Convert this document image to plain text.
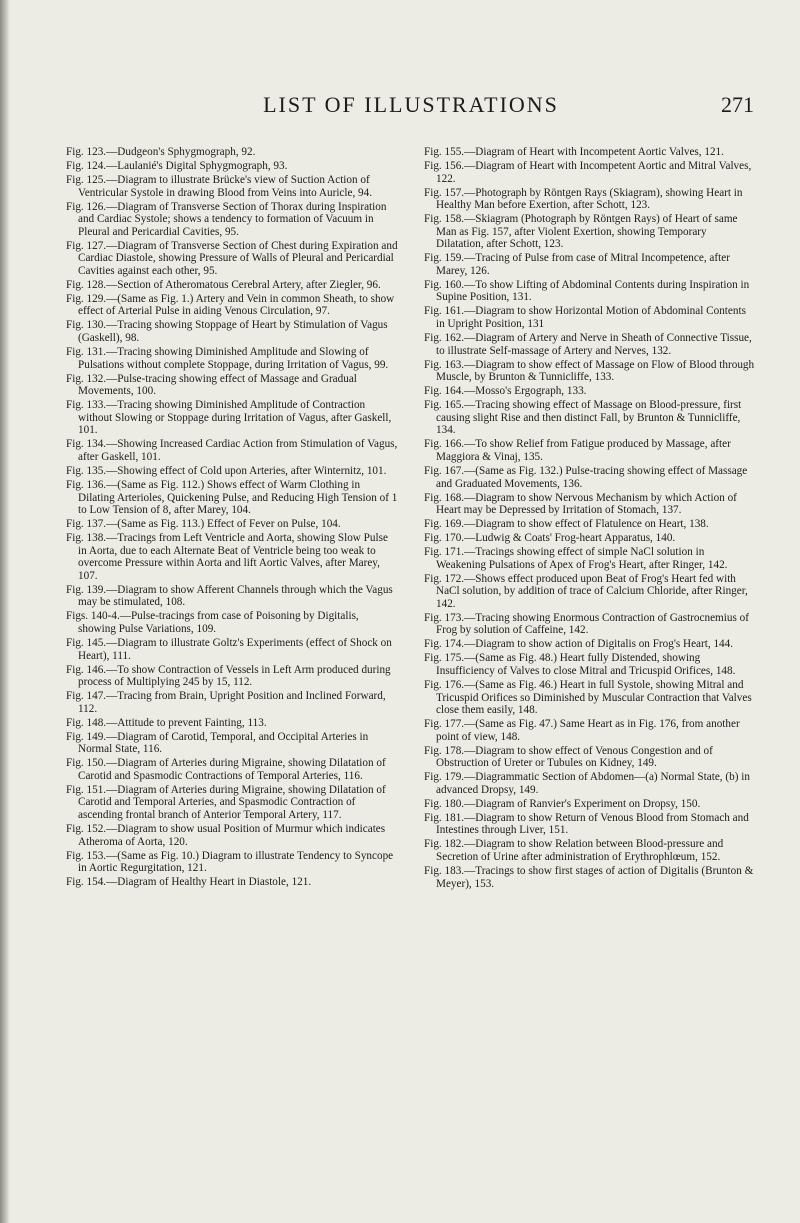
LIST OF ILLUSTRATIONS	271

Fig. 123.—Dudgeon's Sphygmograph, 92.

Fig. 124.—Laulanié's Digital Sphygmograph, 93.

Fig. 125.—Diagram to illustrate Brücke's view of Suction Action of Ventricular Systole in drawing Blood from Veins into Auricle, 94.

Fig. 126.—Diagram of Transverse Section of Thorax during Inspiration and Cardiac Systole; shows a tendency to formation of Vacuum in Pleural and Pericardial Cavities, 95.

Fig. 127.—Diagram of Transverse Section of Chest during Expiration and Cardiac Diastole, showing Pressure of Walls of Pleural and Pericardial Cavities against each other, 95.

Fig. 128.—Section of Atheromatous Cerebral Artery, after Ziegler, 96.

Fig. 129.—(Same as Fig. 1.) Artery and Vein in common Sheath, to show effect of Arterial Pulse in aiding Venous Circulation, 97.

Fig. 130.—Tracing showing Stoppage of Heart by Stimulation of Vagus (Gaskell), 98.

Fig. 131.—Tracing showing Diminished Amplitude and Slowing of Pulsations without complete Stoppage, during Irritation of Vagus, 99.

Fig. 132.—Pulse-tracing showing effect of Massage and Gradual Movements, 100.

Fig. 133.—Tracing showing Diminished Amplitude of Contraction without Slowing or Stoppage during Irritation of Vagus, after Gaskell, 101.

Fig. 134.—Showing Increased Cardiac Action from Stimulation of Vagus, after Gaskell, 101.

Fig. 135.—Showing effect of Cold upon Arteries, after Winternitz, 101.

Fig. 136.—(Same as Fig. 112.) Shows effect of Warm Clothing in Dilating Arterioles, Quickening Pulse, and Reducing High Tension of 1 to Low Tension of 8, after Marey, 104.

Fig. 137.—(Same as Fig. 113.) Effect of Fever on Pulse, 104.

Fig. 138.—Tracings from Left Ventricle and Aorta, showing Slow Pulse in Aorta, due to each Alternate Beat of Ventricle being too weak to overcome Pressure within Aorta and lift Aortic Valves, after Marey, 107.

Fig. 139.—Diagram to show Afferent Channels through which the Vagus may be stimulated, 108.

Figs. 140-4.—Pulse-tracings from case of Poisoning by Digitalis, showing Pulse Variations, 109.

Fig. 145.—Diagram to illustrate Goltz's Experiments (effect of Shock on Heart), 111.

Fig. 146.—To show Contraction of Vessels in Left Arm produced during process of Multiplying 245 by 15, 112.

Fig. 147.—Tracing from Brain, Upright Position and Inclined Forward, 112.

Fig. 148.—Attitude to prevent Fainting, 113.

Fig. 149.—Diagram of Carotid, Temporal, and Occipital Arteries in Normal State, 116.

Fig. 150.—Diagram of Arteries during Migraine, showing Dilatation of Carotid and Spasmodic Contractions of Temporal Arteries, 116.

Fig. 151.—Diagram of Arteries during Migraine, showing Dilatation of Carotid and Temporal Arteries, and Spasmodic Contraction of ascending frontal branch of Anterior Temporal Artery, 117.

Fig. 152.—Diagram to show usual Position of Murmur which indicates Atheroma of Aorta, 120.

Fig. 153.—(Same as Fig. 10.) Diagram to illustrate Tendency to Syncope in Aortic Regurgitation, 121.

Fig. 154.—Diagram of Healthy Heart in Diastole, 121.

Fig. 155.—Diagram of Heart with Incompetent Aortic Valves, 121.

Fig. 156.—Diagram of Heart with Incompetent Aortic and Mitral Valves, 122.

Fig. 157.—Photograph by Röntgen Rays (Skiagram), showing Heart in Healthy Man before Exertion, after Schott, 123.

Fig. 158.—Skiagram (Photograph by Röntgen Rays) of Heart of same Man as Fig. 157, after Violent Exertion, showing Temporary Dilatation, after Schott, 123.

Fig. 159.—Tracing of Pulse from case of Mitral Incompetence, after Marey, 126.

Fig. 160.—To show Lifting of Abdominal Contents during Inspiration in Supine Position, 131.

Fig. 161.—Diagram to show Horizontal Motion of Abdominal Contents in Upright Position, 131

Fig. 162.—Diagram of Artery and Nerve in Sheath of Connective Tissue, to illustrate Self-massage of Artery and Nerves, 132.

Fig. 163.—Diagram to show effect of Massage on Flow of Blood through Muscle, by Brunton & Tunnicliffe, 133.

Fig. 164.—Mosso's Ergograph, 133.

Fig. 165.—Tracing showing effect of Massage on Blood-pressure, first causing slight Rise and then distinct Fall, by Brunton & Tunnicliffe, 134.

Fig. 166.—To show Relief from Fatigue produced by Massage, after Maggiora & Vinaj, 135.

Fig. 167.—(Same as Fig. 132.) Pulse-tracing showing effect of Massage and Graduated Movements, 136.

Fig. 168.—Diagram to show Nervous Mechanism by which Action of Heart may be Depressed by Irritation of Stomach, 137.

Fig. 169.—Diagram to show effect of Flatulence on Heart, 138.

Fig. 170.—Ludwig & Coats' Frog-heart Apparatus, 140.

Fig. 171.—Tracings showing effect of simple NaCl solution in Weakening Pulsations of Apex of Frog's Heart, after Ringer, 142.

Fig. 172.—Shows effect produced upon Beat of Frog's Heart fed with NaCl solution, by addition of trace of Calcium Chloride, after Ringer, 142.

Fig. 173.—Tracing showing Enormous Contraction of Gastrocnemius of Frog by solution of Caffeine, 142.

Fig. 174.—Diagram to show action of Digitalis on Frog's Heart, 144.

Fig. 175.—(Same as Fig. 48.) Heart fully Distended, showing Insufficiency of Valves to close Mitral and Tricuspid Orifices, 148.

Fig. 176.—(Same as Fig. 46.) Heart in full Systole, showing Mitral and Tricuspid Orifices so Diminished by Muscular Contraction that Valves close them easily, 148.

Fig. 177.—(Same as Fig. 47.) Same Heart as in Fig. 176, from another point of view, 148.

Fig. 178.—Diagram to show effect of Venous Congestion and of Obstruction of Ureter or Tubules on Kidney, 149.

Fig. 179.—Diagrammatic Section of Abdomen—(a) Normal State, (b) in advanced Dropsy, 149.

Fig. 180.—Diagram of Ranvier's Experiment on Dropsy, 150.

Fig. 181.—Diagram to show Return of Venous Blood from Stomach and Intestines through Liver, 151.

Fig. 182.—Diagram to show Relation between Blood-pressure and Secretion of Urine after administration of Erythrophlœum, 152.

Fig. 183.—Tracings to show first stages of action of Digitalis (Brunton & Meyer), 153.
